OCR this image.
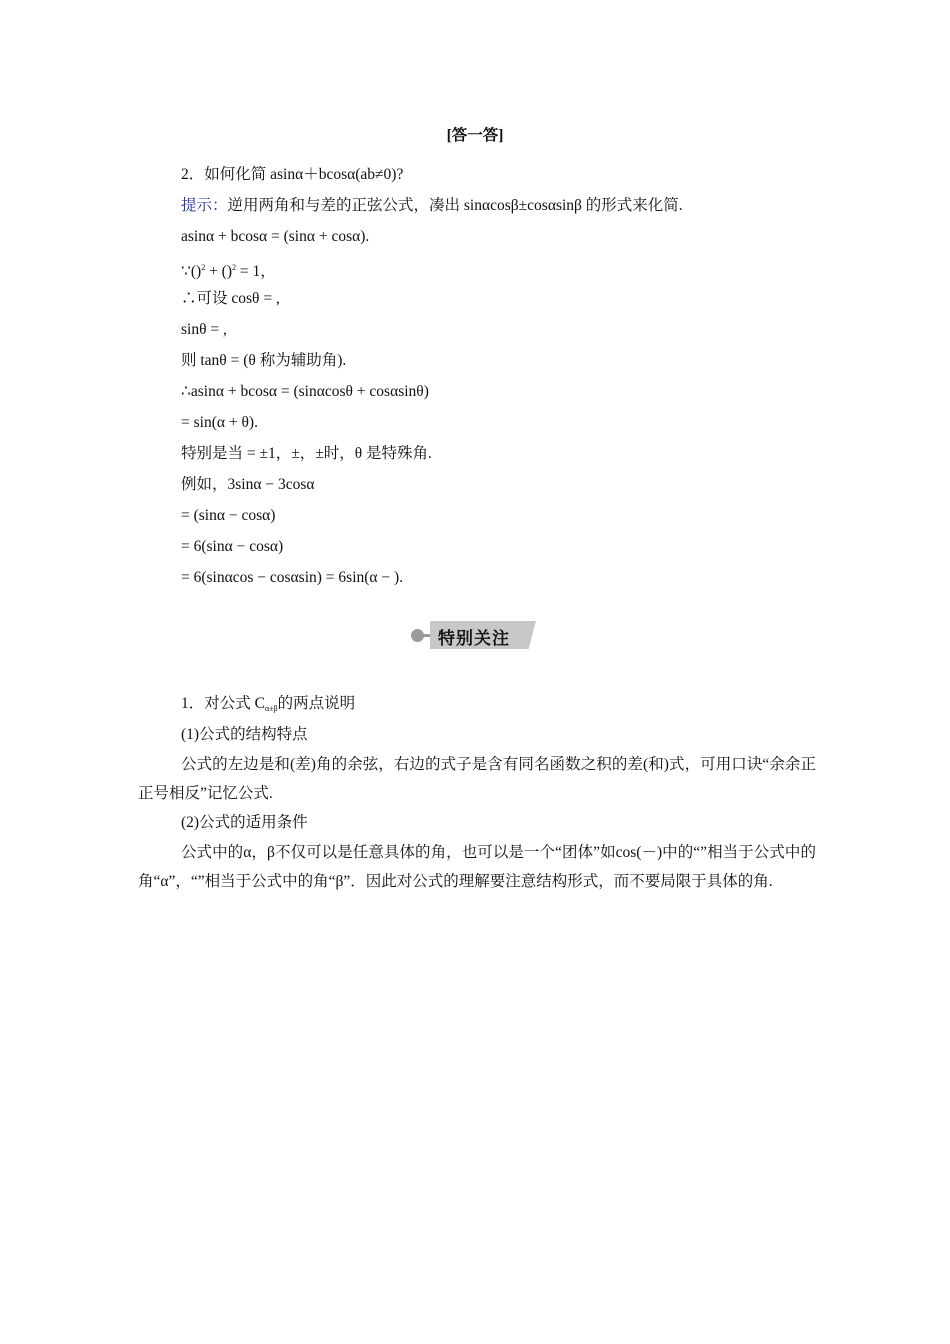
[答一答]
2．如何化简 asinα＋bcosα(ab≠0)?
提示：逆用两角和与差的正弦公式，凑出 sinαcosβ±cosαsinβ 的形式来化简.
asinα + bcosα = (sinα + cosα).
∵()$^2$ + ()$^2$ = 1，
∴可设 cosθ = ,
sinθ = ,
则 tanθ = (θ 称为辅助角).
∴asinα + bcosα = (sinαcosθ + cosαsinθ)
= sin(α + θ).
特别是当 = ±1，±，±时，θ 是特殊角.
例如，3sinα − 3cosα
= (sinα − cosα)
= 6(sinα − cosα)
= 6(sinαcos − cosαsin) = 6sin(α − ).
特别关注
1．对公式 $C_{\alpha\pm\beta}$的两点说明
(1)公式的结构特点
公式的左边是和(差)角的余弦，右边的式子是含有同名函数之积的差(和)式，可用口诀“余余正正号相反”记忆公式.
(2)公式的适用条件
公式中的α，β不仅可以是任意具体的角，也可以是一个“团体”如cos(－)中的“”相当于公式中的角“α”，“”相当于公式中的角“β”．因此对公式的理解要注意结构形式，而不要局限于具体的角.
